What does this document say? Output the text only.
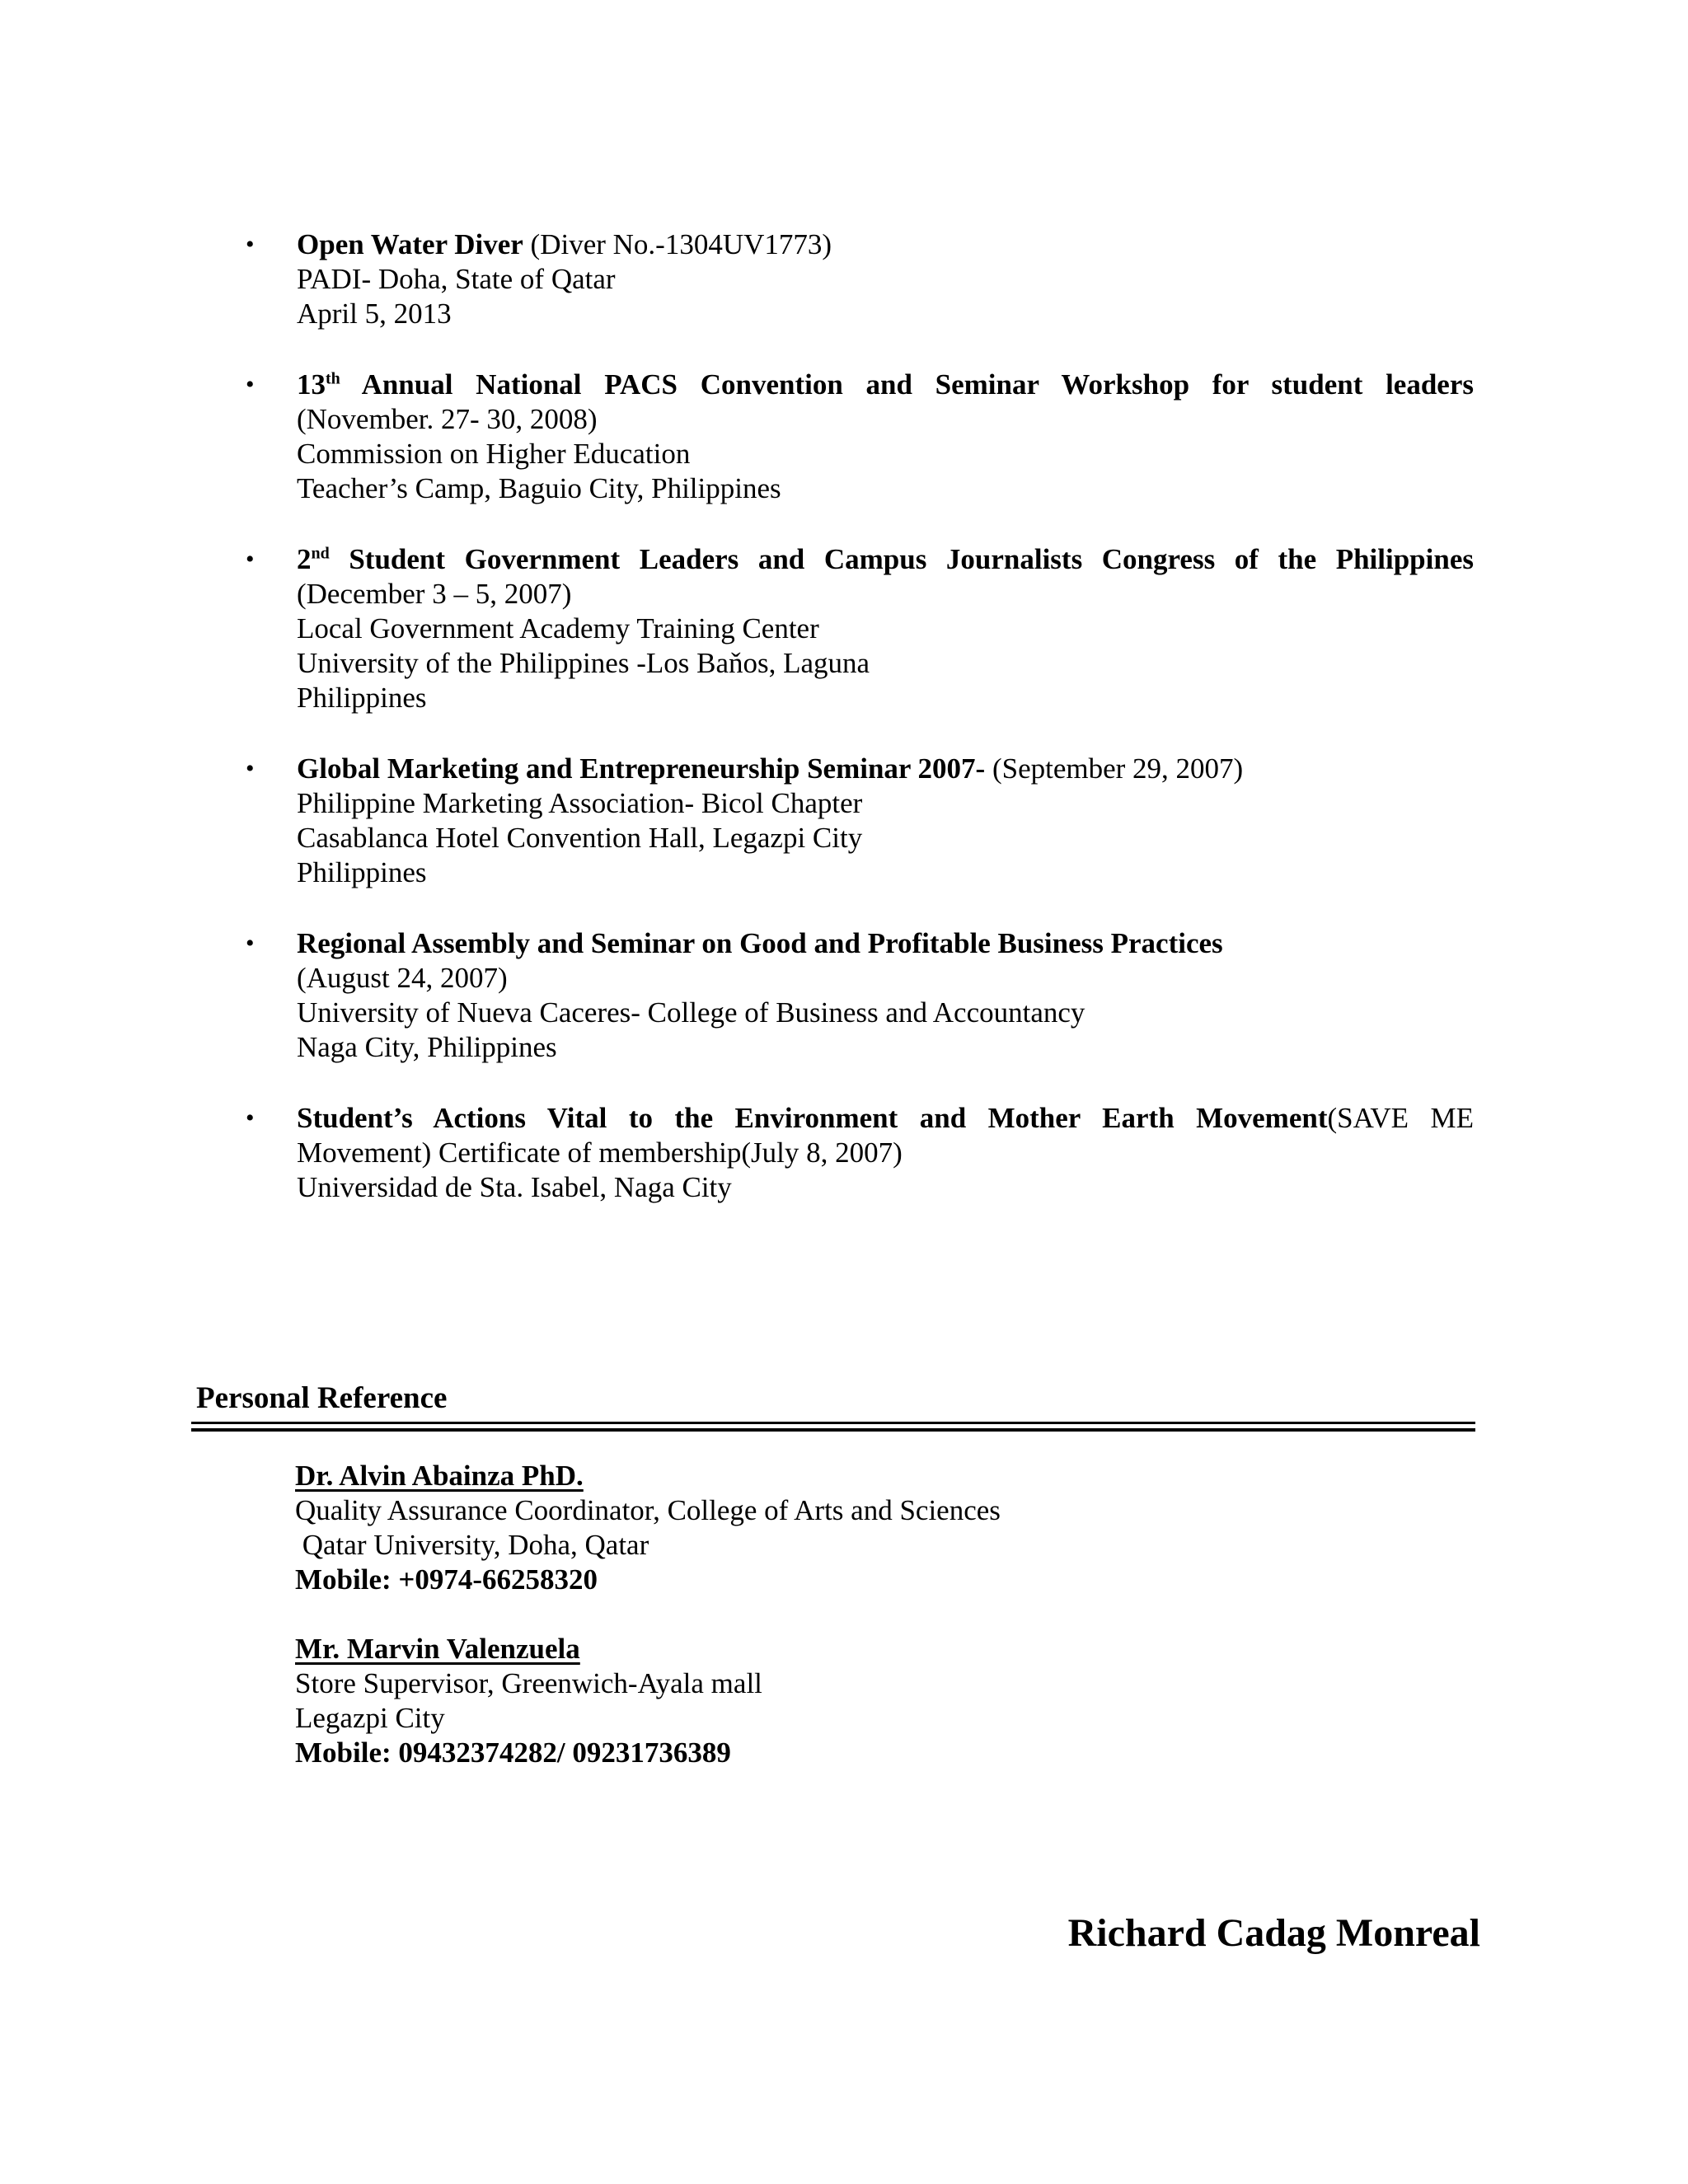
• Open Water Diver (Diver No.-1304UV1773)
PADI- Doha, State of Qatar
April 5, 2013
• 13th Annual National PACS Convention and Seminar Workshop for student leaders
(November. 27- 30, 2008)
Commission on Higher Education
Teacher’s Camp, Baguio City, Philippines
• 2nd Student Government Leaders and Campus Journalists Congress of the Philippines
(December 3 – 5, 2007)
Local Government Academy Training Center
University of the Philippines -Los Baňos, Laguna
Philippines
• Global Marketing and Entrepreneurship Seminar 2007- (September 29, 2007)
Philippine Marketing Association- Bicol Chapter
Casablanca Hotel Convention Hall, Legazpi City
Philippines
• Regional Assembly and Seminar on Good and Profitable Business Practices
(August 24, 2007)
University of Nueva Caceres- College of Business and Accountancy
Naga City, Philippines
• Student’s Actions Vital to the Environment and Mother Earth Movement(SAVE ME
Movement) Certificate of membership(July 8, 2007)
Universidad de Sta. Isabel, Naga City
Personal Reference
Dr. Alvin Abainza PhD.
Quality Assurance Coordinator, College of Arts and Sciences
Qatar University, Doha, Qatar
Mobile: +0974-66258320
Mr. Marvin Valenzuela
Store Supervisor, Greenwich-Ayala mall
Legazpi City
Mobile: 09432374282/ 09231736389
Richard Cadag Monreal
